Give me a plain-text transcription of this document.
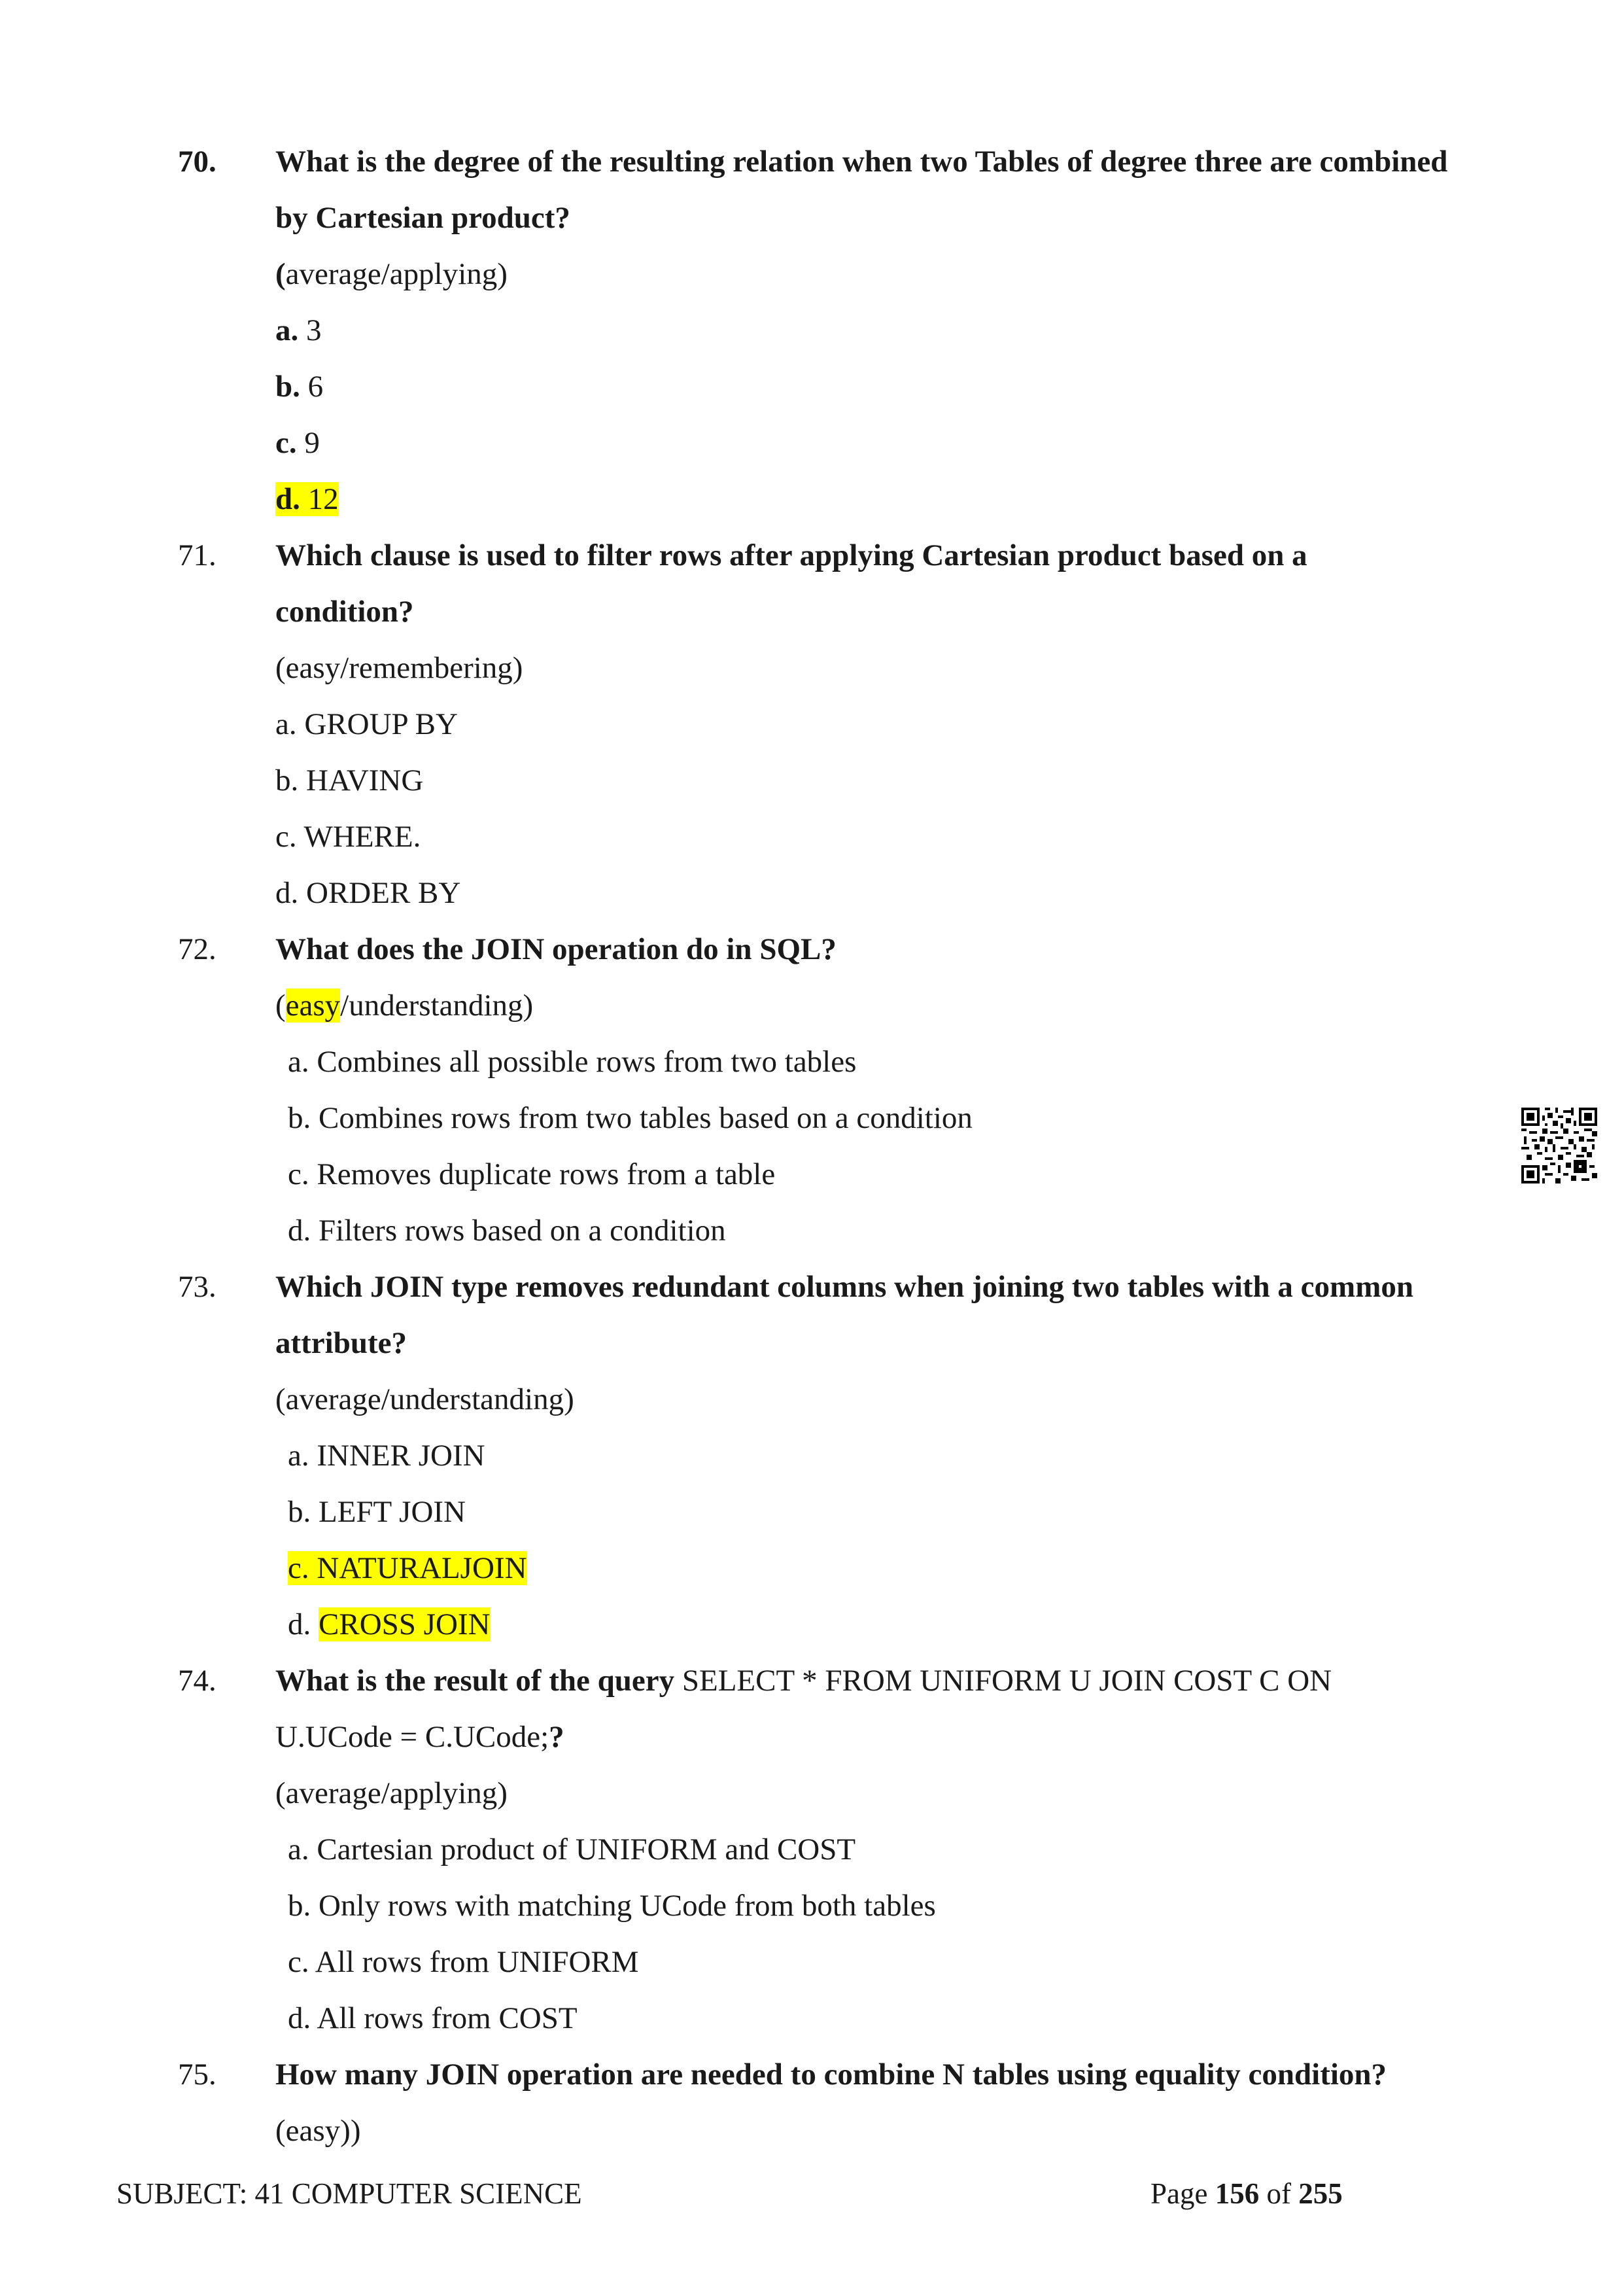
70. What is the degree of the resulting relation when two Tables of degree three are combined
by Cartesian product?
(average/applying)
a. 3
b. 6
c. 9
d. 12
71. Which clause is used to filter rows after applying Cartesian product based on a
condition?
(easy/remembering)
a. GROUP BY
b. HAVING
c. WHERE.
d. ORDER BY
72. What does the JOIN operation do in SQL?
(easy/understanding)
a. Combines all possible rows from two tables
b. Combines rows from two tables based on a condition
c. Removes duplicate rows from a table
d. Filters rows based on a condition
73. Which JOIN type removes redundant columns when joining two tables with a common
attribute?
(average/understanding)
a. INNER JOIN
b. LEFT JOIN
c. NATURALJOIN
d. CROSS JOIN
74. What is the result of the query SELECT * FROM UNIFORM U JOIN COST C ON
U.UCode = C.UCode;?
(average/applying)
a. Cartesian product of UNIFORM and COST
b. Only rows with matching UCode from both tables
c. All rows from UNIFORM
d. All rows from COST
75. How many JOIN operation are needed to combine N tables using equality condition?
(easy))
SUBJECT: 41 COMPUTER SCIENCE	Page 156 of 255
